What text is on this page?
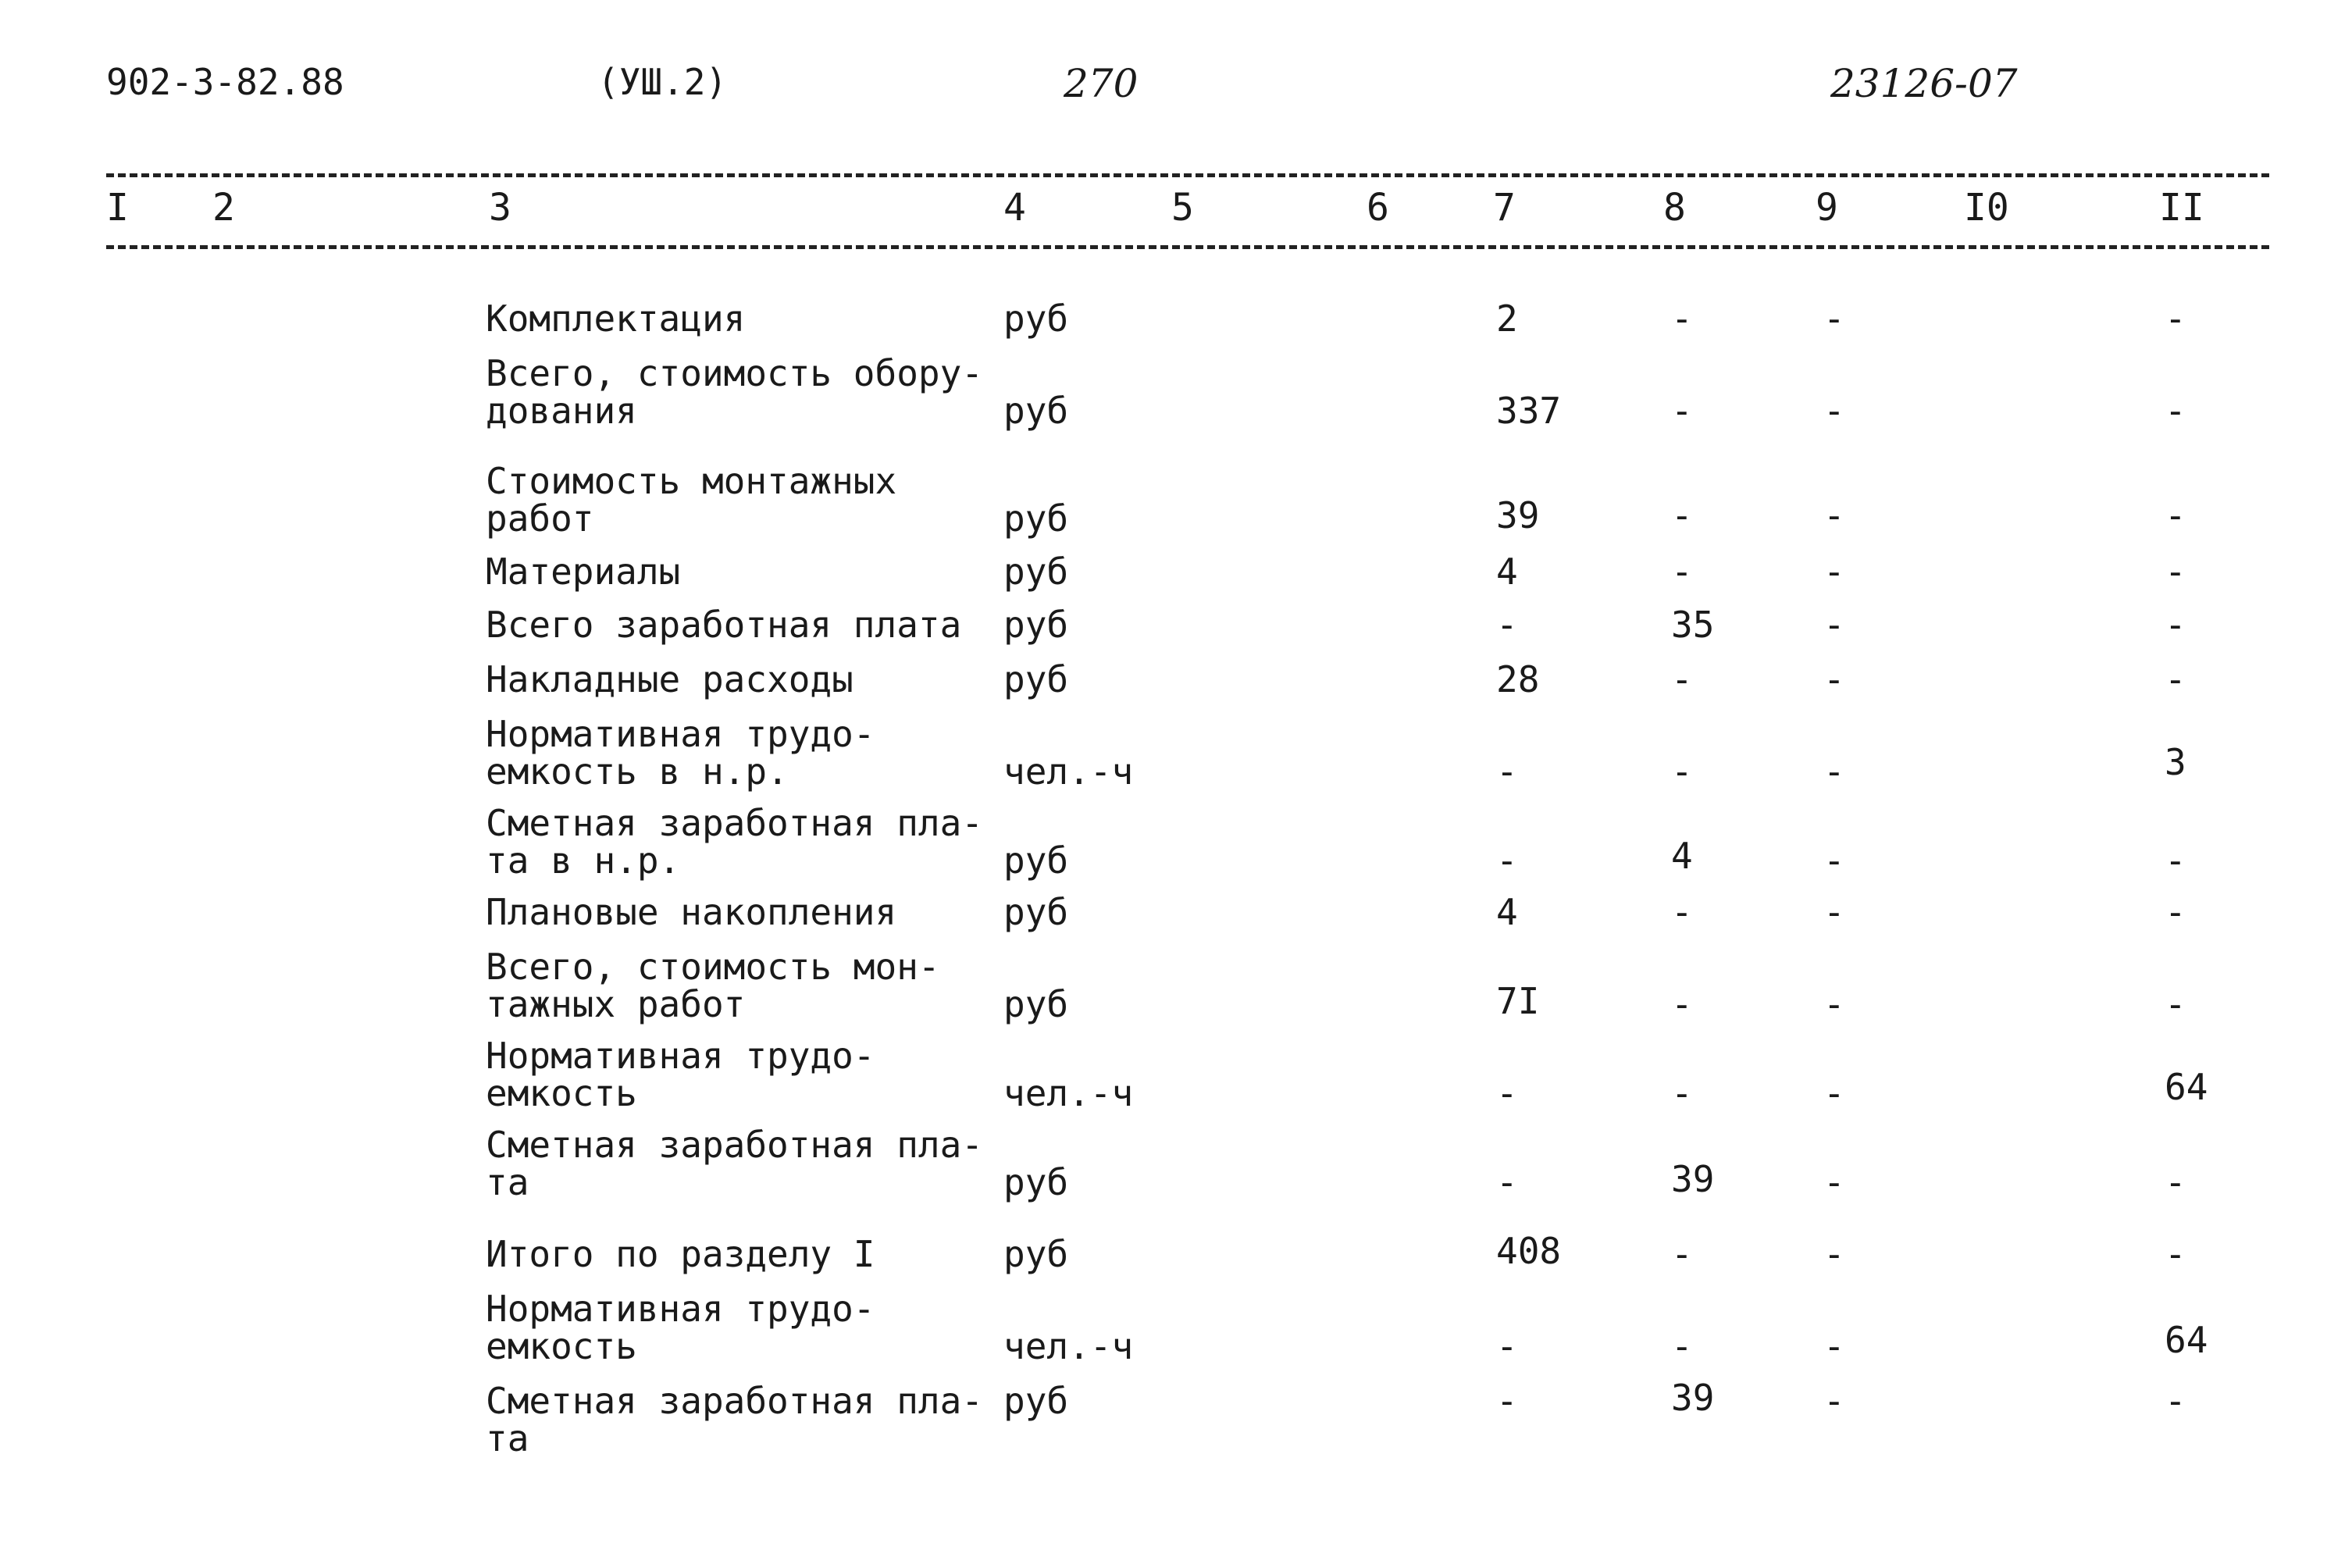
902-3-82.88	(УШ.2)	270	23126-07
I 2	3	4	5	6	7	8	9	I0	II
Комплектация	руб	2	-	-	-
Всего, стоимость обору-
дования	руб	337	-	-	-
Стоимость монтажных
работ	руб	39	-	-	-
Материалы	руб	4	-	-	-
Всего заработная плата руб	-	35	-	-
Накладные расходы	руб	28	-	-	-
Нормативная трудо-
емкость в н.р.	чел.-ч	-	-	-	3
Сметная заработная пла-
та в н.р.	руб	-	4	-	-
Плановые накопления	руб	4	-	-	-
Всего, стоимость мон-
тажных работ	руб	7I	-	-	-
Нормативная трудо-
емкость	чел.-ч	-	-	-	64
Сметная заработная пла-
та	руб	-	39	-	-
Итого по разделу I	руб	408	-	-	-
Нормативная трудо-
емкость	чел.-ч	-	-	-	64
Сметная заработная пла-
та
руб	-	39	-	-
